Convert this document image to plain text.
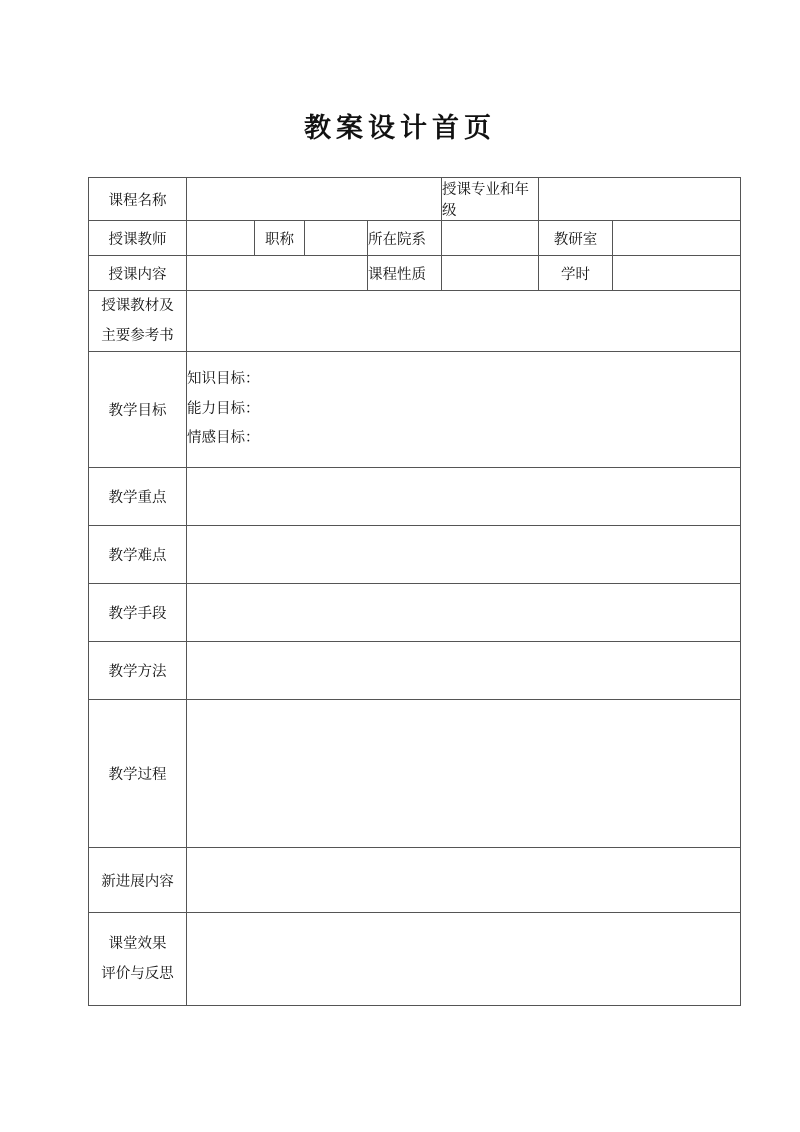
教案设计首页
课程名称					授课专业和年级		
授课教师		职称		所在院系		教研室	
授课内容				课程性质		学时	

授课教材及
主要参考书							

教学目标	知识目标：
能力目标：
情感目标：						

教学重点							
教学难点							
教学手段							
教学方法							
教学过程							
新进展内容							

课堂效果
评价与反思							
